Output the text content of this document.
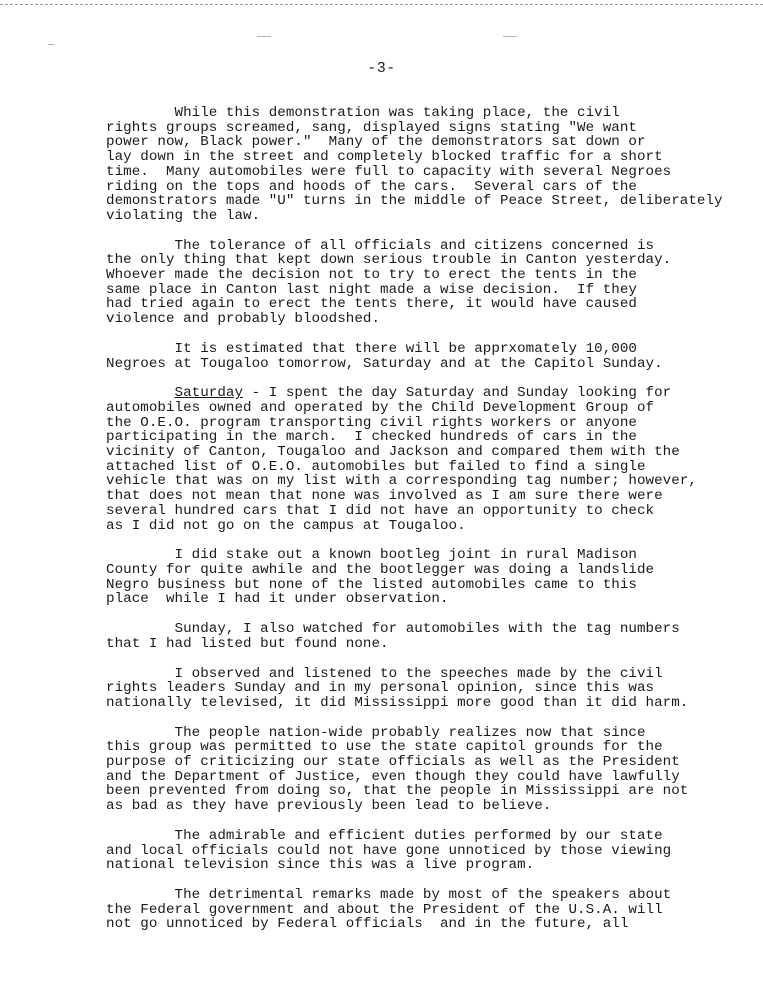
-3-

While this demonstration was taking place, the civil
rights groups screamed, sang, displayed signs stating "We want
power now, Black power."  Many of the demonstrators sat down or
lay down in the street and completely blocked traffic for a short
time.  Many automobiles were full to capacity with several Negroes
riding on the tops and hoods of the cars.  Several cars of the
demonstrators made "U" turns in the middle of Peace Street, deliberately
violating the law.

The tolerance of all officials and citizens concerned is
the only thing that kept down serious trouble in Canton yesterday.
Whoever made the decision not to try to erect the tents in the
same place in Canton last night made a wise decision.  If they
had tried again to erect the tents there, it would have caused
violence and probably bloodshed.

It is estimated that there will be apprxomately 10,000
Negroes at Tougaloo tomorrow, Saturday and at the Capitol Sunday.

Saturday - I spent the day Saturday and Sunday looking for
automobiles owned and operated by the Child Development Group of
the O.E.O. program transporting civil rights workers or anyone
participating in the march.  I checked hundreds of cars in the
vicinity of Canton, Tougaloo and Jackson and compared them with the
attached list of O.E.O. automobiles but failed to find a single
vehicle that was on my list with a corresponding tag number; however,
that does not mean that none was involved as I am sure there were
several hundred cars that I did not have an opportunity to check
as I did not go on the campus at Tougaloo.

I did stake out a known bootleg joint in rural Madison
County for quite awhile and the bootlegger was doing a landslide
Negro business but none of the listed automobiles came to this
place  while I had it under observation.

Sunday, I also watched for automobiles with the tag numbers
that I had listed but found none.

I observed and listened to the speeches made by the civil
rights leaders Sunday and in my personal opinion, since this was
nationally televised, it did Mississippi more good than it did harm.

The people nation-wide probably realizes now that since
this group was permitted to use the state capitol grounds for the
purpose of criticizing our state officials as well as the President
and the Department of Justice, even though they could have lawfully
been prevented from doing so, that the people in Mississippi are not
as bad as they have previously been lead to believe.

The admirable and efficient duties performed by our state
and local officials could not have gone unnoticed by those viewing
national television since this was a live program.

The detrimental remarks made by most of the speakers about
the Federal government and about the President of the U.S.A. will
not go unnoticed by Federal officials  and in the future, all
